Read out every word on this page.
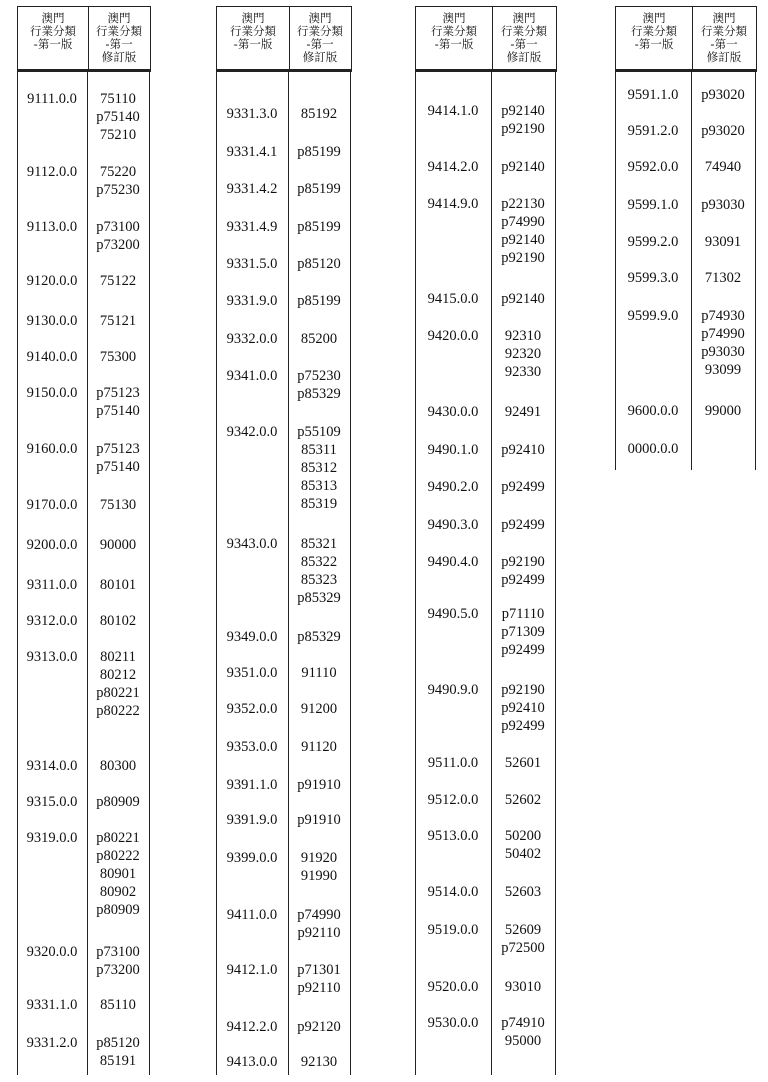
澳門
行業分類
-第一版
澳門
行業分類
-第一
修訂版
9111.0.0	75110
p75140
75210
9112.0.0	75220
p75230
9113.0.0	p73100
p73200
9120.0.0	75122
9130.0.0	75121
9140.0.0	75300
9150.0.0	p75123
p75140
9160.0.0	p75123
p75140
9170.0.0	75130
9200.0.0	90000
9311.0.0	80101
9312.0.0	80102
9313.0.0	80211
80212
p80221
p80222
9314.0.0	80300
9315.0.0	p80909
9319.0.0	p80221
p80222
80901
80902
p80909
9320.0.0	p73100
p73200
9331.1.0	85110
9331.2.0	p85120
85191
澳門
行業分類
-第一版
澳門
行業分類
-第一
修訂版
9331.3.0	85192
9331.4.1	p85199
9331.4.2	p85199
9331.4.9	p85199
9331.5.0	p85120
9331.9.0	p85199
9332.0.0	85200
9341.0.0	p75230
p85329
9342.0.0	p55109
85311
85312
85313
85319
9343.0.0	85321
85322
85323
p85329
9349.0.0	p85329
9351.0.0	91110
9352.0.0	91200
9353.0.0	91120
9391.1.0	p91910
9391.9.0	p91910
9399.0.0	91920
91990
9411.0.0	p74990
p92110
9412.1.0	p71301
p92110
9412.2.0	p92120
9413.0.0	92130
澳門
行業分類
-第一版
澳門
行業分類
-第一
修訂版
9414.1.0	p92140
p92190
9414.2.0	p92140
9414.9.0	p22130
p74990
p92140
p92190
9415.0.0	p92140
9420.0.0	92310
92320
92330
9430.0.0	92491
9490.1.0	p92410
9490.2.0	p92499
9490.3.0	p92499
9490.4.0	p92190
p92499
9490.5.0	p71110
p71309
p92499
9490.9.0	p92190
p92410
p92499
9511.0.0	52601
9512.0.0	52602
9513.0.0	50200
50402
9514.0.0	52603
9519.0.0	52609
p72500
9520.0.0	93010
9530.0.0	p74910
95000
澳門
行業分類
-第一版
澳門
行業分類
-第一
修訂版
9591.1.0	p93020
9591.2.0	p93020
9592.0.0	74940
9599.1.0	p93030
9599.2.0	93091
9599.3.0	71302
9599.9.0	p74930
p74990
p93030
93099
9600.0.0	99000
0000.0.0
